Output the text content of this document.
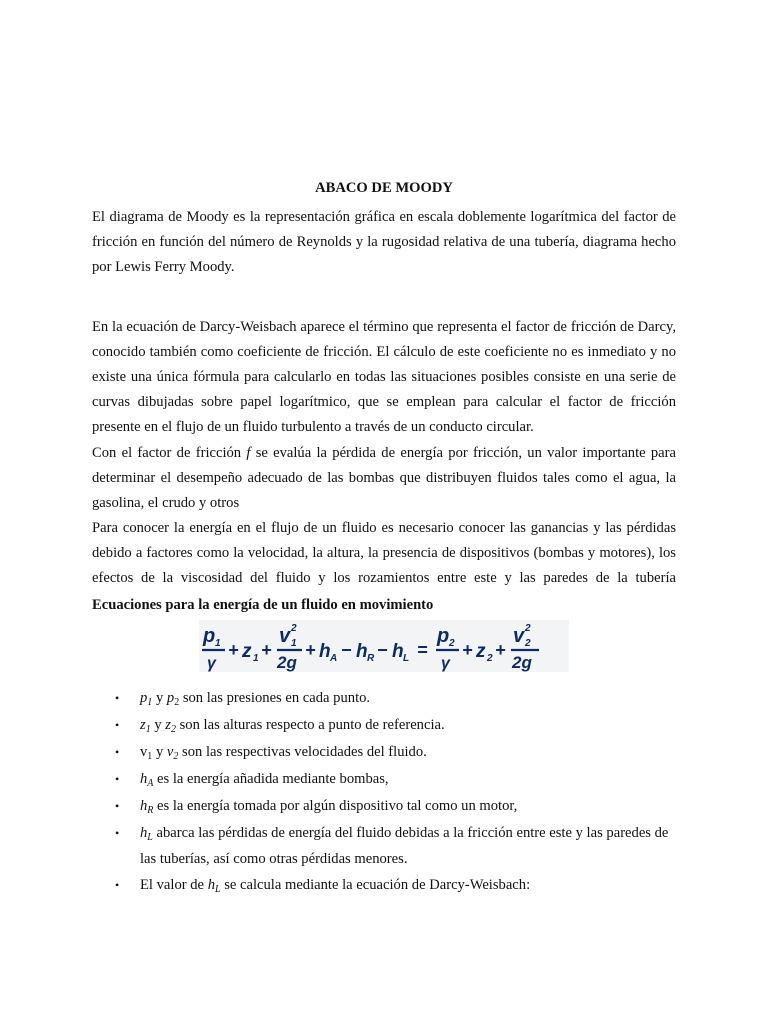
ABACO DE MOODY

El diagrama de Moody es la representación gráfica en escala doblemente logarítmica del factor de fricción en función del número de Reynolds y la rugosidad relativa de una tubería, diagrama hecho por Lewis Ferry Moody.

En la ecuación de Darcy-Weisbach aparece el término que representa el factor de fricción de Darcy, conocido también como coeficiente de fricción. El cálculo de este coeficiente no es inmediato y no existe una única fórmula para calcularlo en todas las situaciones posibles consiste en una serie de curvas dibujadas sobre papel logarítmico, que se emplean para calcular el factor de fricción presente en el flujo de un fluido turbulento a través de un conducto circular.

Con el factor de fricción f se evalúa la pérdida de energía por fricción, un valor importante para determinar el desempeño adecuado de las bombas que distribuyen fluidos tales como el agua, la gasolina, el crudo y otros

Para conocer la energía en el flujo de un fluido es necesario conocer las ganancias y las pérdidas debido a factores como la velocidad, la altura, la presencia de dispositivos (bombas y motores), los efectos de la viscosidad del fluido y los rozamientos entre este y las paredes de la tubería

Ecuaciones para la energía de un fluido en movimiento
p 1
γ
+ z 1 +
v 2
1
2g
+ h A − h R − h L =
p 2
γ
+ z 2 +
v 2
2
2g
• $p_1$ y $p_2$ son las presiones en cada punto.
• $z_1$ y $z_2$ son las alturas respecto a punto de referencia.
• $v_1$ y $v_2$ son las respectivas velocidades del fluido.
• $h_A$ es la energía añadida mediante bombas,
• $h_R$ es la energía tomada por algún dispositivo tal como un motor,
• $h_L$ abarca las pérdidas de energía del fluido debidas a la fricción entre este y las paredes de las tuberías, así como otras pérdidas menores.
• El valor de $h_L$ se calcula mediante la ecuación de Darcy-Weisbach:
